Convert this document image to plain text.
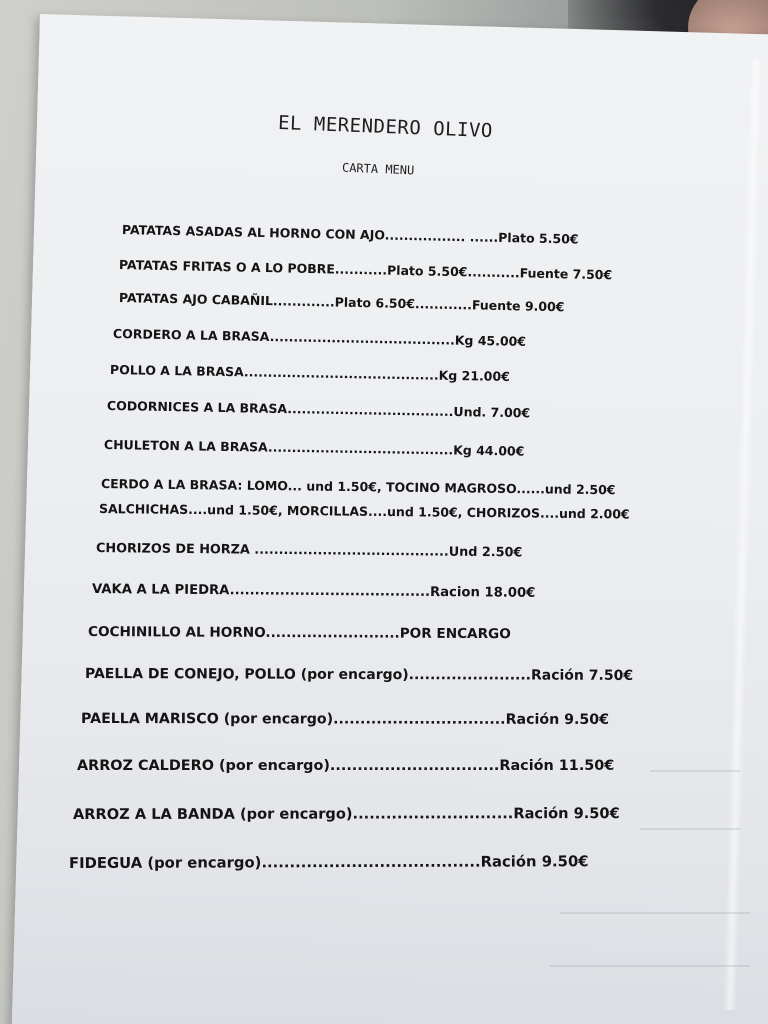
EL MERENDERO OLIVO
CARTA MENU
PATATAS ASADAS AL HORNO CON AJO................. ......Plato 5.50€
PATATAS FRITAS O A LO POBRE...........Plato 5.50€...........Fuente 7.50€
PATATAS AJO CABAÑIL.............Plato 6.50€............Fuente 9.00€
CORDERO A LA BRASA.......................................Kg 45.00€
POLLO A LA BRASA.........................................Kg 21.00€
CODORNICES A LA BRASA...................................Und. 7.00€
CHULETON A LA BRASA.......................................Kg 44.00€
CERDO A LA BRASA: LOMO... und 1.50€, TOCINO MAGROSO......und 2.50€
SALCHICHAS....und 1.50€, MORCILLAS....und 1.50€, CHORIZOS....und 2.00€
CHORIZOS DE HORZA ........................................Und 2.50€
VAKA A LA PIEDRA........................................Racion 18.00€
COCHINILLO AL HORNO..........................POR ENCARGO
PAELLA DE CONEJO, POLLO (por encargo).......................Ración 7.50€
PAELLA MARISCO (por encargo)................................Ración 9.50€
ARROZ CALDERO (por encargo)...............................Ración 11.50€
ARROZ A LA BANDA (por encargo).............................Ración 9.50€
FIDEGUA (por encargo).......................................Ración 9.50€
